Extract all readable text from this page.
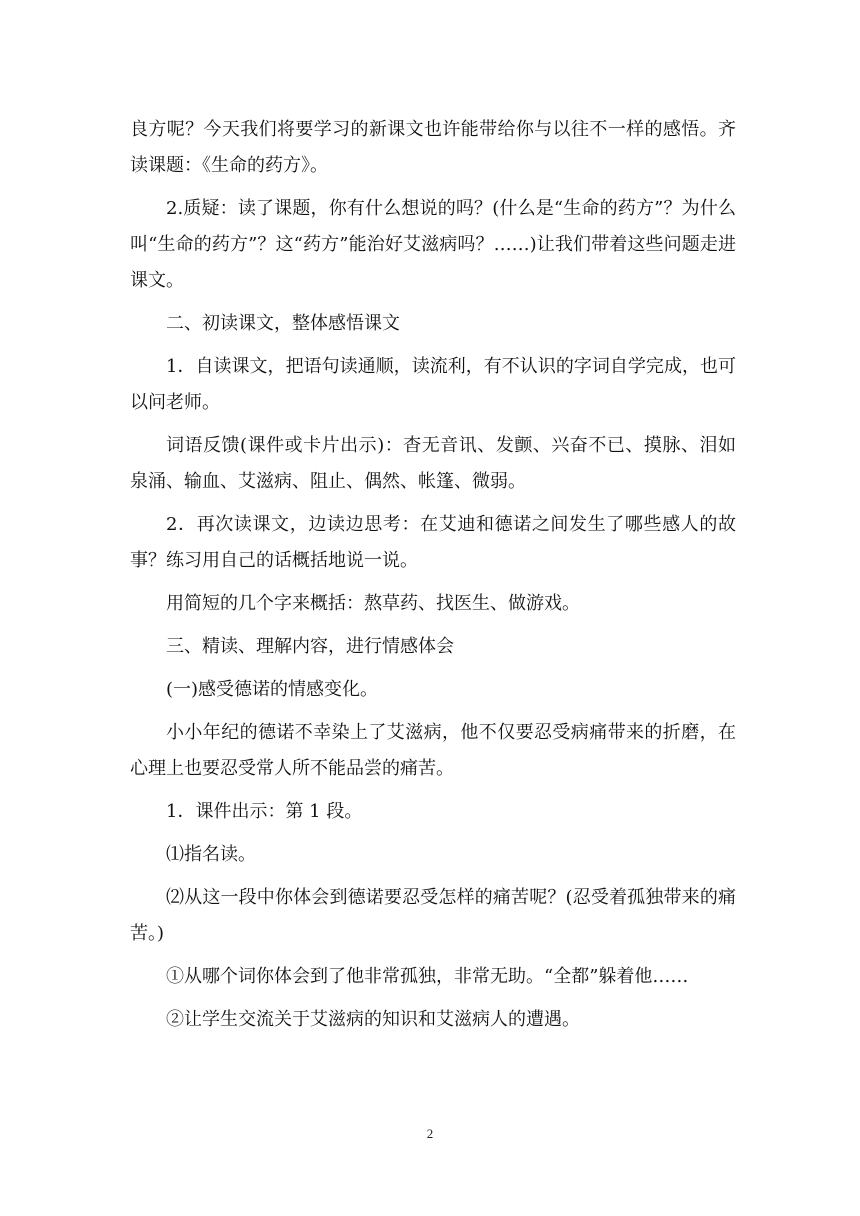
良方呢？今天我们将要学习的新课文也许能带给你与以往不一样的感悟。齐读课题：《生命的药方》。

2.质疑：读了课题，你有什么想说的吗？(什么是“生命的药方”？为什么叫“生命的药方”？这“药方”能治好艾滋病吗？……)让我们带着这些问题走进课文。

二、初读课文，整体感悟课文

1．自读课文，把语句读通顺，读流利，有不认识的字词自学完成，也可以问老师。

词语反馈(课件或卡片出示)：杳无音讯、发颤、兴奋不已、摸脉、泪如泉涌、输血、艾滋病、阻止、偶然、帐篷、微弱。

2．再次读课文，边读边思考：在艾迪和德诺之间发生了哪些感人的故事？练习用自己的话概括地说一说。

用简短的几个字来概括：熬草药、找医生、做游戏。

三、精读、理解内容，进行情感体会

(一)感受德诺的情感变化。

小小年纪的德诺不幸染上了艾滋病，他不仅要忍受病痛带来的折磨，在心理上也要忍受常人所不能品尝的痛苦。

1．课件出示：第 1 段。

⑴指名读。

⑵从这一段中你体会到德诺要忍受怎样的痛苦呢？(忍受着孤独带来的痛苦。)

①从哪个词你体会到了他非常孤独，非常无助。“全都”躲着他……

②让学生交流关于艾滋病的知识和艾滋病人的遭遇。

2
